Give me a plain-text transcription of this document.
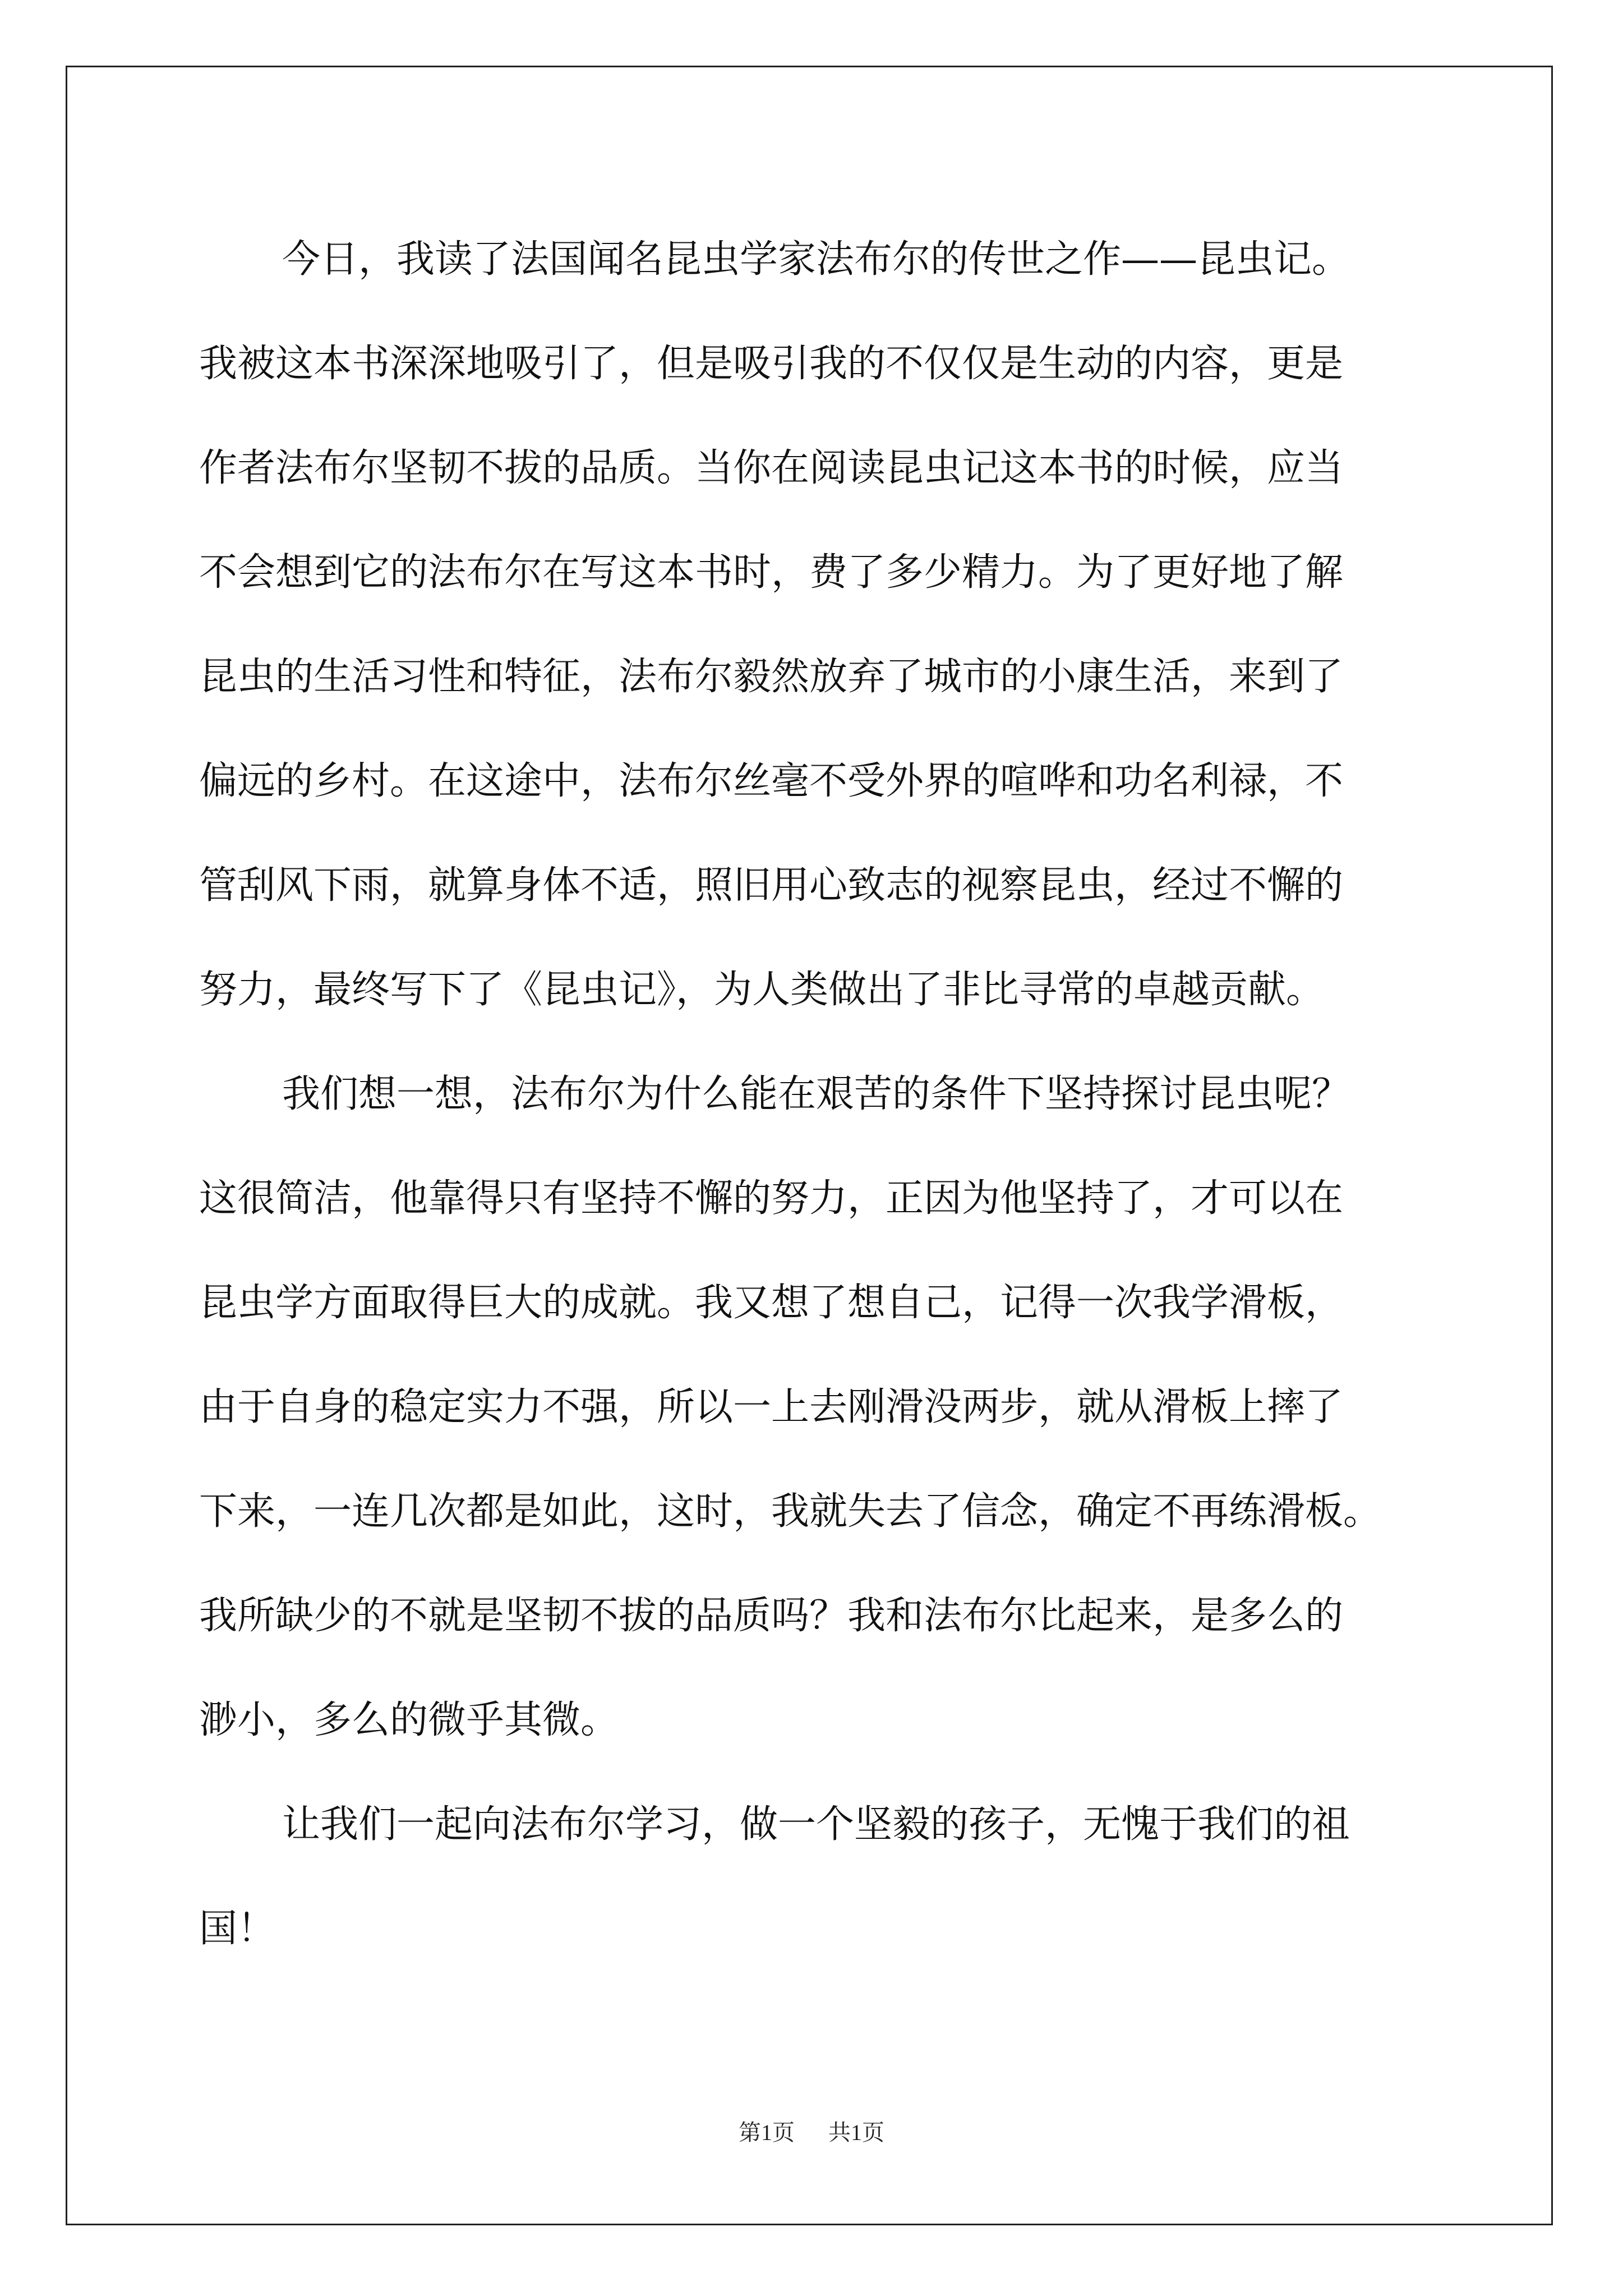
今日，我读了法国闻名昆虫学家法布尔的传世之作——昆虫记。
我被这本书深深地吸引了，但是吸引我的不仅仅是生动的内容，更是
作者法布尔坚韧不拔的品质。当你在阅读昆虫记这本书的时候，应当
不会想到它的法布尔在写这本书时，费了多少精力。为了更好地了解
昆虫的生活习性和特征，法布尔毅然放弃了城市的小康生活，来到了
偏远的乡村。在这途中，法布尔丝毫不受外界的喧哗和功名利禄，不
管刮风下雨，就算身体不适，照旧用心致志的视察昆虫，经过不懈的
努力，最终写下了《昆虫记》，为人类做出了非比寻常的卓越贡献。
我们想一想，法布尔为什么能在艰苦的条件下坚持探讨昆虫呢？
这很简洁，他靠得只有坚持不懈的努力，正因为他坚持了，才可以在
昆虫学方面取得巨大的成就。我又想了想自己，记得一次我学滑板，
由于自身的稳定实力不强，所以一上去刚滑没两步，就从滑板上摔了
下来，一连几次都是如此，这时，我就失去了信念，确定不再练滑板。
我所缺少的不就是坚韧不拔的品质吗？我和法布尔比起来，是多么的
渺小，多么的微乎其微。
让我们一起向法布尔学习，做一个坚毅的孩子，无愧于我们的祖
国！
第1页 共1页
